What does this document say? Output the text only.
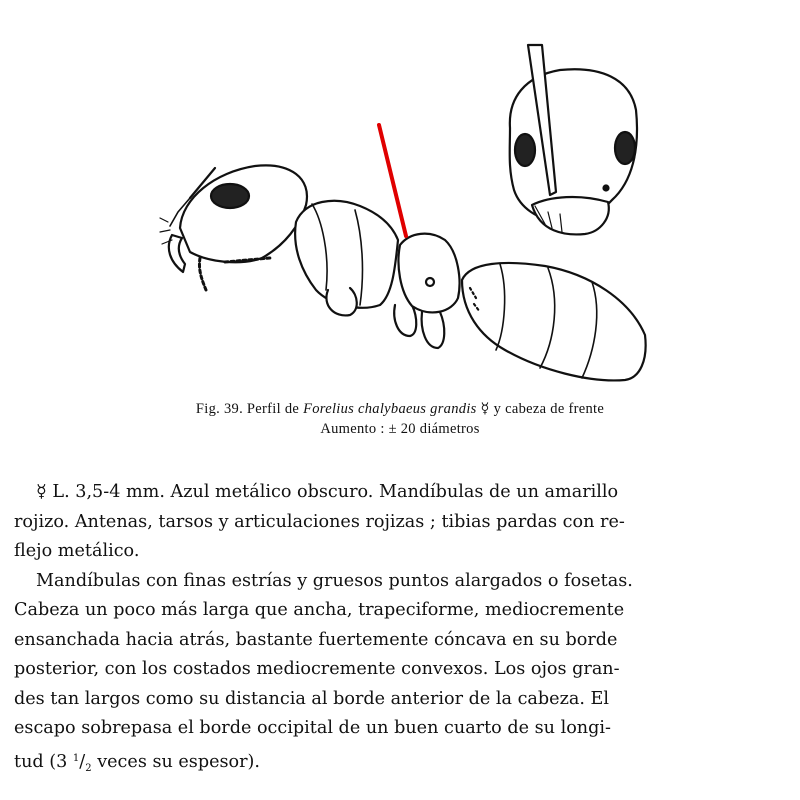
Fig. 39. Perfil de Forelius chalybaeus grandis ☿ y cabeza de frente
Aumento : ± 20 diámetros

☿ L. 3,5-4 mm. Azul metálico obscuro. Mandíbulas de un amarillo
rojizo. Antenas, tarsos y articulaciones rojizas ; tibias pardas con re-
flejo metálico.

Mandíbulas con finas estrías y gruesos puntos alargados o fosetas.
Cabeza un poco más larga que ancha, trapeciforme, mediocremente
ensanchada hacia atrás, bastante fuertemente cóncava en su borde
posterior, con los costados mediocremente convexos. Los ojos gran-
des tan largos como su distancia al borde anterior de la cabeza. El
escapo sobrepasa el borde occipital de un buen cuarto de su longi-
tud (3 $^1/_2$ veces su espesor).
